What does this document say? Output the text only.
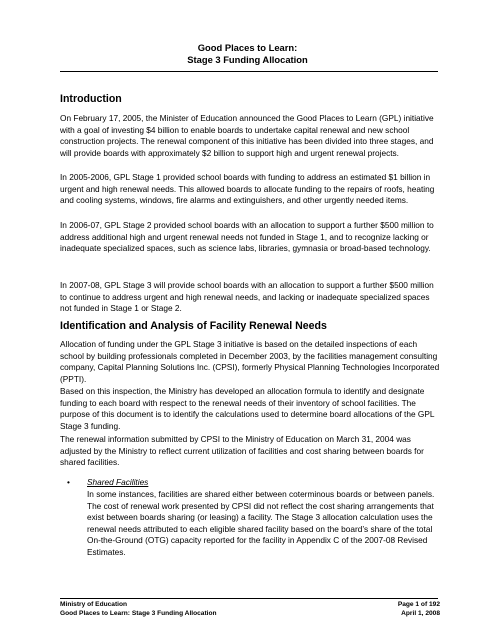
Good Places to Learn:
Stage 3 Funding Allocation
Introduction
On February 17, 2005, the Minister of Education announced the Good Places to Learn (GPL) initiative with a goal of investing $4 billion to enable boards to undertake capital renewal and new school construction projects. The renewal component of this initiative has been divided into three stages, and will provide boards with approximately $2 billion to support high and urgent renewal projects.
In 2005-2006, GPL Stage 1 provided school boards with funding to address an estimated $1 billion in urgent and high renewal needs. This allowed boards to allocate funding to the repairs of roofs, heating and cooling systems, windows, fire alarms and extinguishers, and other urgently needed items.
In 2006-07, GPL Stage 2 provided school boards with an allocation to support a further $500 million to address additional high and urgent renewal needs not funded in Stage 1, and to recognize lacking or inadequate specialized spaces, such as science labs, libraries, gymnasia or broad-based technology.
In 2007-08, GPL Stage 3 will provide school boards with an allocation to support a further $500 million to continue to address urgent and high renewal needs, and lacking or inadequate specialized spaces not funded in Stage 1 or Stage 2.
Identification and Analysis of Facility Renewal Needs
Allocation of funding under the GPL Stage 3 initiative is based on the detailed inspections of each school by building professionals completed in December 2003, by the facilities management consulting company, Capital Planning Solutions Inc. (CPSI), formerly Physical Planning Technologies Incorporated (PPTI).
Based on this inspection, the Ministry has developed an allocation formula to identify and designate funding to each board with respect to the renewal needs of their inventory of school facilities. The purpose of this document is to identify the calculations used to determine board allocations of the GPL Stage 3 funding.
The renewal information submitted by CPSI to the Ministry of Education on March 31, 2004 was adjusted by the Ministry to reflect current utilization of facilities and cost sharing between boards for shared facilities.
• Shared Facilities
In some instances, facilities are shared either between coterminous boards or between panels. The cost of renewal work presented by CPSI did not reflect the cost sharing arrangements that exist between boards sharing (or leasing) a facility. The Stage 3 allocation calculation uses the renewal needs attributed to each eligible shared facility based on the board’s share of the total On-the-Ground (OTG) capacity reported for the facility in Appendix C of the 2007-08 Revised Estimates.
Ministry of Education
Good Places to Learn: Stage 3 Funding Allocation
Page 1 of 192
April 1, 2008
